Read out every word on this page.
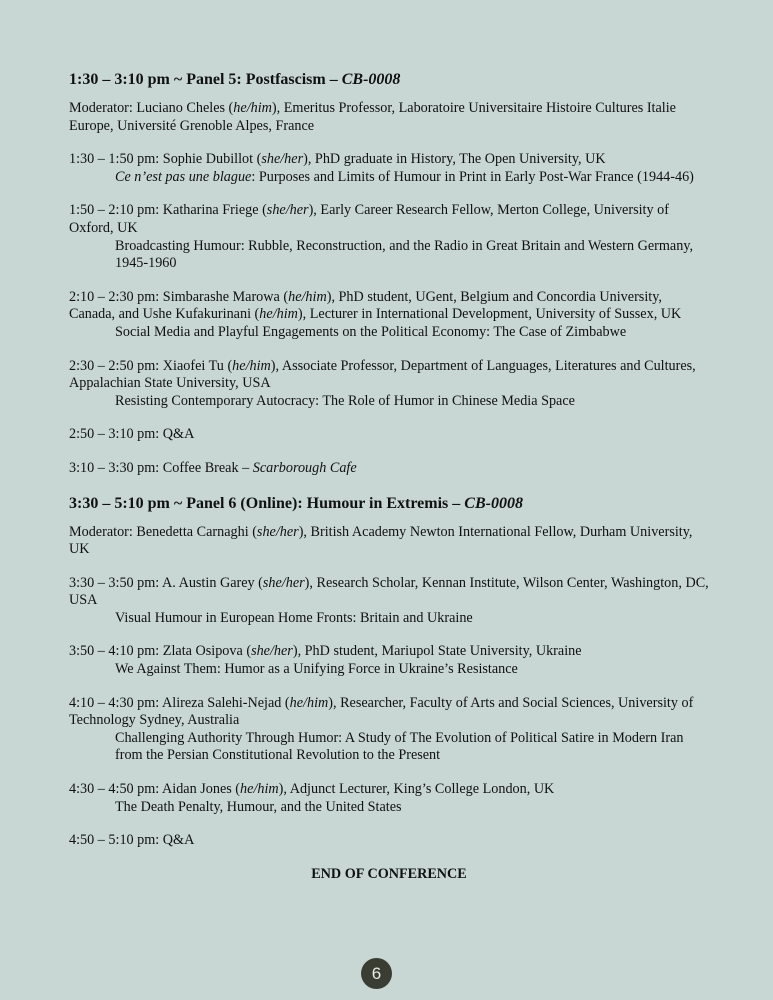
1:30 – 3:10 pm ~ Panel 5: Postfascism – CB-0008
Moderator: Luciano Cheles (he/him), Emeritus Professor, Laboratoire Universitaire Histoire Cultures Italie Europe, Université Grenoble Alpes, France
1:30 – 1:50 pm: Sophie Dubillot (she/her), PhD graduate in History, The Open University, UK
Ce n’est pas une blague: Purposes and Limits of Humour in Print in Early Post-War France (1944-46)
1:50 – 2:10 pm: Katharina Friege (she/her), Early Career Research Fellow, Merton College, University of Oxford, UK
Broadcasting Humour: Rubble, Reconstruction, and the Radio in Great Britain and Western Germany, 1945-1960
2:10 – 2:30 pm: Simbarashe Marowa (he/him), PhD student, UGent, Belgium and Concordia University, Canada, and Ushe Kufakurinani (he/him), Lecturer in International Development, University of Sussex, UK
Social Media and Playful Engagements on the Political Economy: The Case of Zimbabwe
2:30 – 2:50 pm: Xiaofei Tu (he/him), Associate Professor, Department of Languages, Literatures and Cultures, Appalachian State University, USA
Resisting Contemporary Autocracy: The Role of Humor in Chinese Media Space
2:50 – 3:10 pm: Q&A
3:10 – 3:30 pm: Coffee Break – Scarborough Cafe
3:30 – 5:10 pm ~ Panel 6 (Online): Humour in Extremis – CB-0008
Moderator: Benedetta Carnaghi (she/her), British Academy Newton International Fellow, Durham University, UK
3:30 – 3:50 pm: A. Austin Garey (she/her), Research Scholar, Kennan Institute, Wilson Center, Washington, DC, USA
Visual Humour in European Home Fronts: Britain and Ukraine
3:50 – 4:10 pm: Zlata Osipova (she/her), PhD student, Mariupol State University, Ukraine
We Against Them: Humor as a Unifying Force in Ukraine’s Resistance
4:10 – 4:30 pm: Alireza Salehi-Nejad (he/him), Researcher, Faculty of Arts and Social Sciences, University of Technology Sydney, Australia
Challenging Authority Through Humor: A Study of The Evolution of Political Satire in Modern Iran from the Persian Constitutional Revolution to the Present
4:30 – 4:50 pm: Aidan Jones (he/him), Adjunct Lecturer, King’s College London, UK
The Death Penalty, Humour, and the United States
4:50 – 5:10 pm: Q&A
END OF CONFERENCE
6
